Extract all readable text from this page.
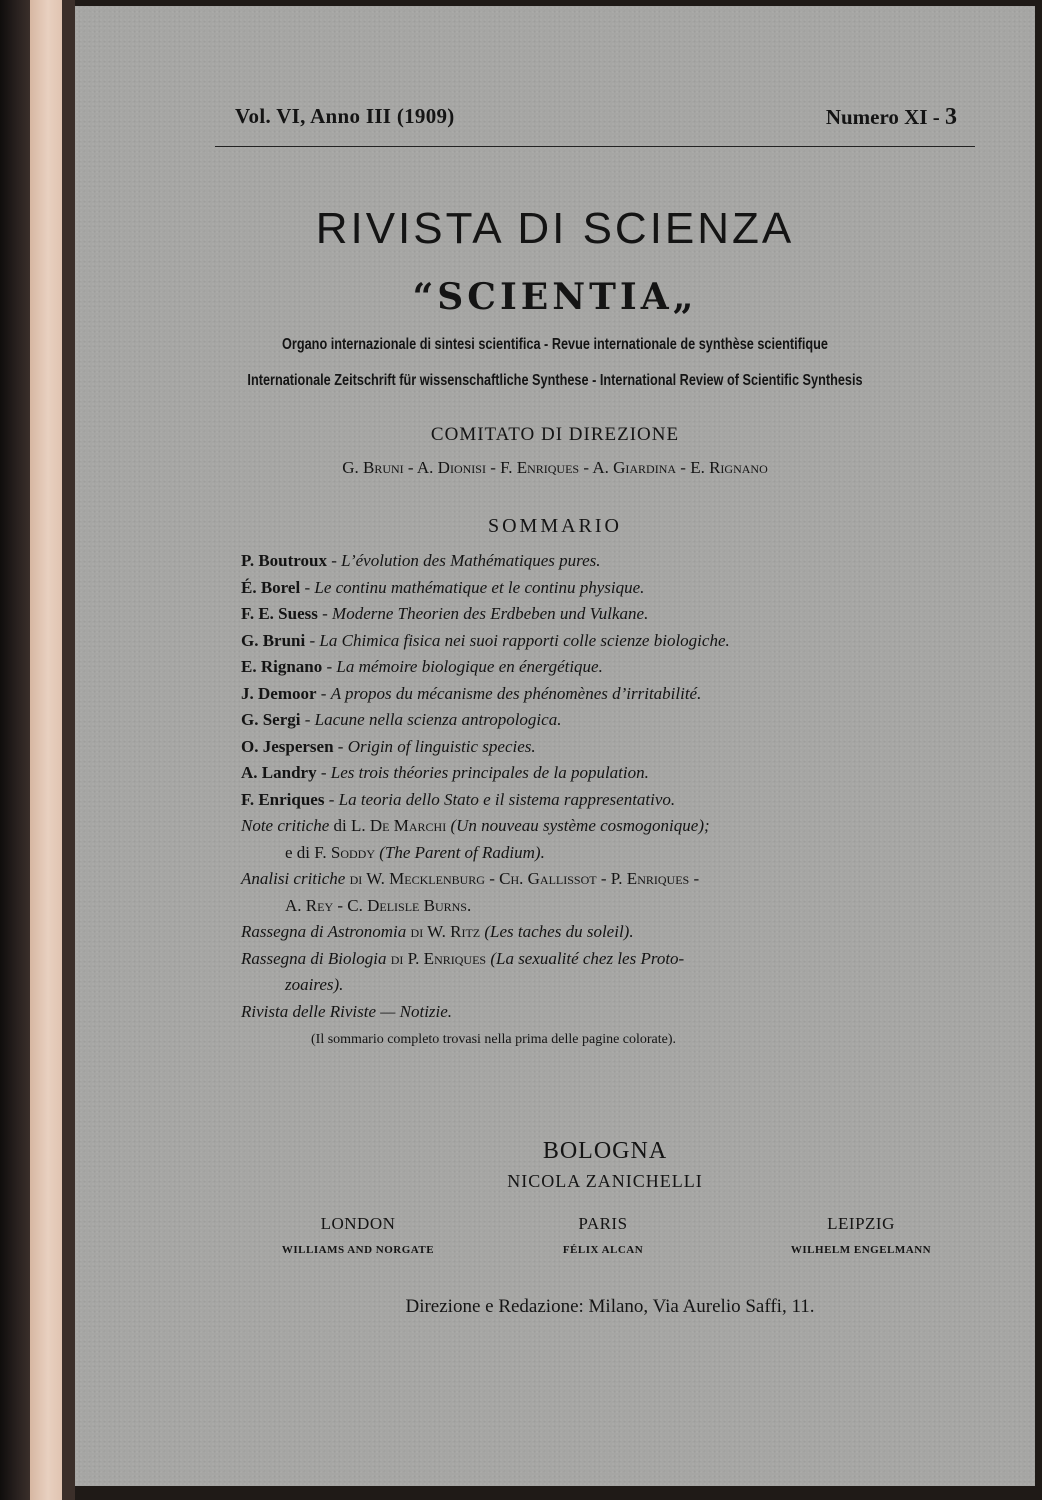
Vol. VI, Anno III (1909)	Numero XI - 3
RIVISTA DI SCIENZA
“SCIENTIA„
Organo internazionale di sintesi scientifica - Revue internationale de synthèse scientifique
Internationale Zeitschrift für wissenschaftliche Synthese - International Review of Scientific Synthesis
COMITATO DI DIREZIONE
G. Bruni - A. Dionisi - F. Enriques - A. Giardina - E. Rignano
SOMMARIO
P. Boutroux - L’évolution des Mathématiques pures.
É. Borel - Le continu mathématique et le continu physique.
F. E. Suess - Moderne Theorien des Erdbeben und Vulkane.
G. Bruni - La Chimica fisica nei suoi rapporti colle scienze biologiche.
E. Rignano - La mémoire biologique en énergétique.
J. Demoor - A propos du mécanisme des phénomènes d’irritabilité.
G. Sergi - Lacune nella scienza antropologica.
O. Jespersen - Origin of linguistic species.
A. Landry - Les trois théories principales de la population.
F. Enriques - La teoria dello Stato e il sistema rappresentativo.
Note critiche di L. De Marchi (Un nouveau système cosmogonique);
e di F. Soddy (The Parent of Radium).
Analisi critiche di W. Mecklenburg - Ch. Gallissot - P. Enriques -
A. Rey - C. Delisle Burns.
Rassegna di Astronomia di W. Ritz (Les taches du soleil).
Rassegna di Biologia di P. Enriques (La sexualité chez les Proto-
zoaires).
Rivista delle Riviste — Notizie.
(Il sommario completo trovasi nella prima delle pagine colorate).
BOLOGNA
NICOLA ZANICHELLI
LONDON
WILLIAMS AND NORGATE
PARIS
FÉLIX ALCAN
LEIPZIG
WILHELM ENGELMANN
Direzione e Redazione: Milano, Via Aurelio Saffi, 11.
